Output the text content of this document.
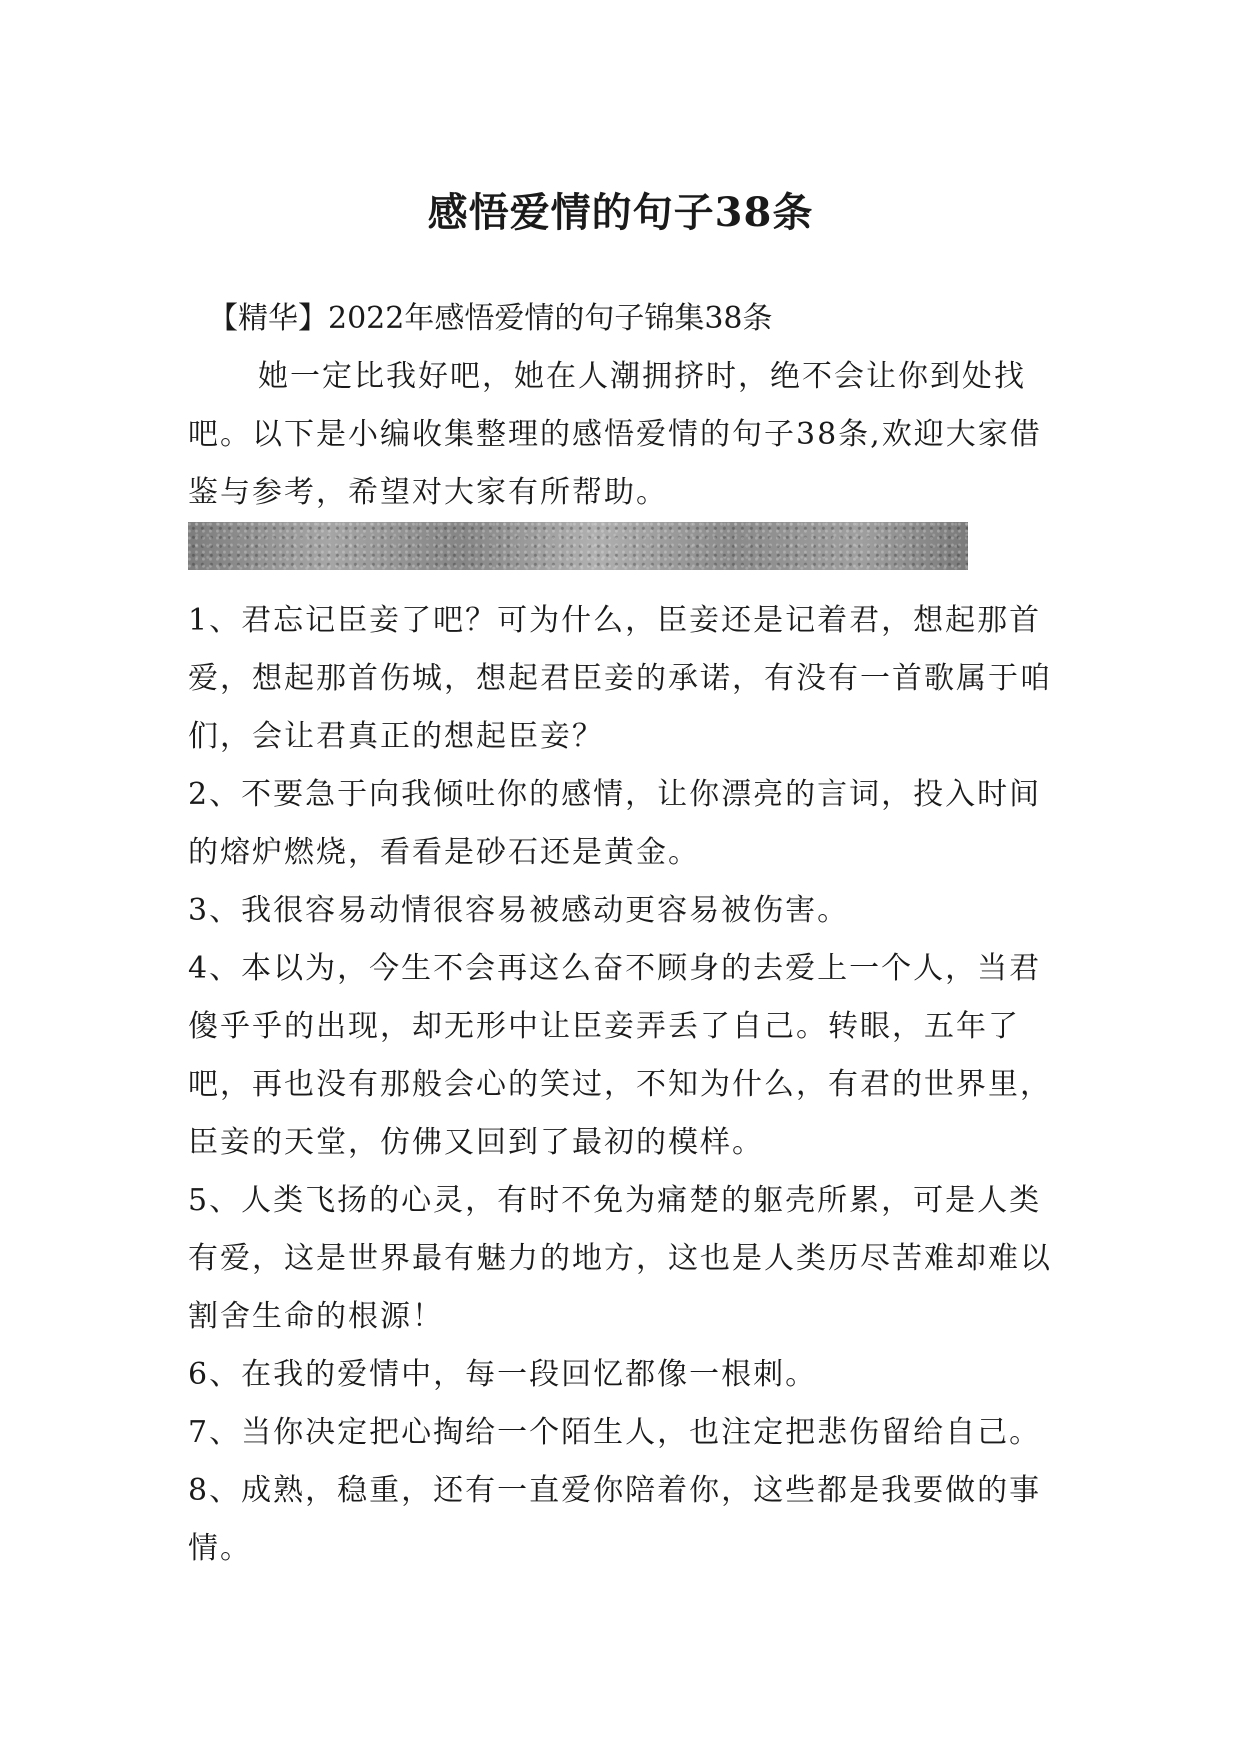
感悟爱情的句子38条

【精华】2022年感悟爱情的句子锦集38条

她一定比我好吧，她在人潮拥挤时，绝不会让你到处找吧。以下是小编收集整理的感悟爱情的句子38条,欢迎大家借鉴与参考，希望对大家有所帮助。

1、君忘记臣妾了吧？可为什么，臣妾还是记着君，想起那首爱，想起那首伤城，想起君臣妾的承诺，有没有一首歌属于咱们，会让君真正的想起臣妾？
2、不要急于向我倾吐你的感情，让你漂亮的言词，投入时间的熔炉燃烧，看看是砂石还是黄金。
3、我很容易动情很容易被感动更容易被伤害。
4、本以为，今生不会再这么奋不顾身的去爱上一个人，当君傻乎乎的出现，却无形中让臣妾弄丢了自己。转眼，五年了吧，再也没有那般会心的笑过，不知为什么，有君的世界里，臣妾的天堂，仿佛又回到了最初的模样。
5、人类飞扬的心灵，有时不免为痛楚的躯壳所累，可是人类有爱，这是世界最有魅力的地方，这也是人类历尽苦难却难以割舍生命的根源！
6、在我的爱情中，每一段回忆都像一根刺。
7、当你决定把心掏给一个陌生人，也注定把悲伤留给自己。
8、成熟，稳重，还有一直爱你陪着你，这些都是我要做的事情。
